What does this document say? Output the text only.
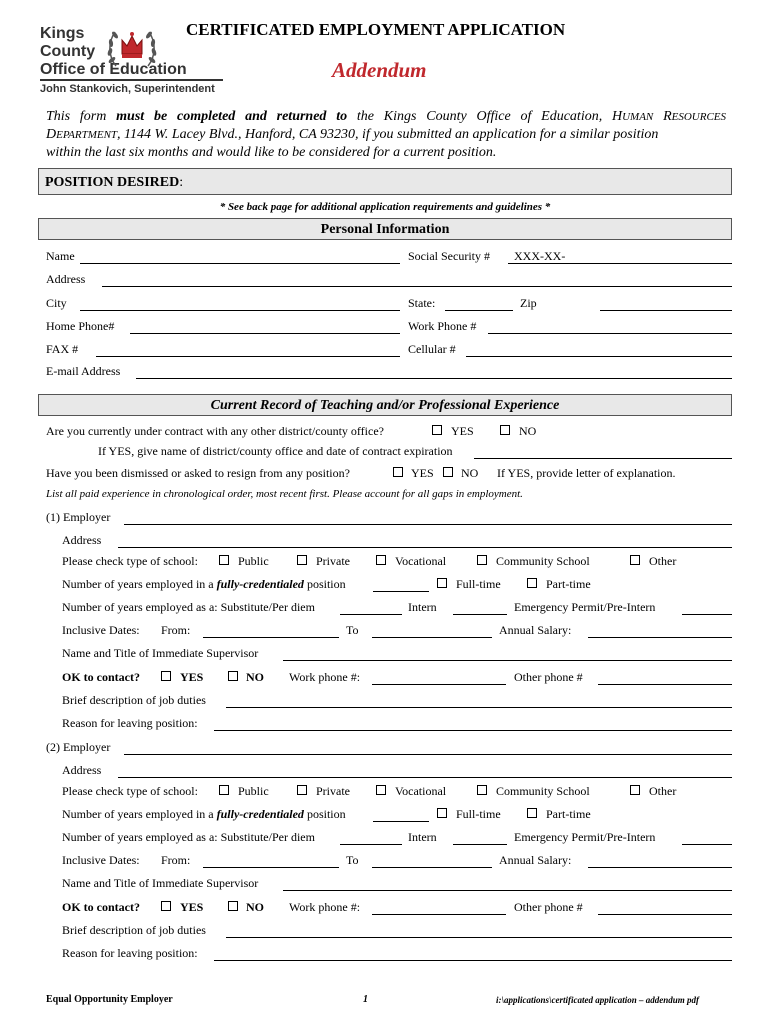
Kings
County
Office of Education
John Stankovich, Superintendent
CERTIFICATED EMPLOYMENT APPLICATION
Addendum
This form must be completed and returned to the Kings County Office of Education, HUMAN RESOURCES
DEPARTMENT, 1144 W. Lacey Blvd., Hanford, CA 93230, if you submitted an application for a similar position
within the last six months and would like to be considered for a current position.
POSITION DESIRED:
* See back page for additional application requirements and guidelines *
Personal Information
Name	Social Security # XXX-XX-
Address
City	State:	Zip
Home Phone#	Work Phone #
FAX #	Cellular #
E-mail Address
Current Record of Teaching and/or Professional Experience
Are you currently under contract with any other district/county office?	YES	NO
If YES, give name of district/county office and date of contract expiration
Have you been dismissed or asked to resign from any position?	YES NO If YES, provide letter of explanation.
List all paid experience in chronological order, most recent first. Please account for all gaps in employment.
(1) Employer
Address
Please check type of school:	Public	Private	Vocational	Community School	Other
Number of years employed in a fully-credentialed position	Full-time	Part-time
Number of years employed as a: Substitute/Per diem	Intern	Emergency Permit/Pre-Intern
Inclusive Dates: From:	To	Annual Salary:
Name and Title of Immediate Supervisor
OK to contact?	YES	NO Work phone #:	Other phone #
Brief description of job duties
Reason for leaving position:
(2) Employer
Address
Please check type of school:	Public	Private	Vocational	Community School	Other
Number of years employed in a fully-credentialed position	Full-time	Part-time
Number of years employed as a: Substitute/Per diem	Intern	Emergency Permit/Pre-Intern
Inclusive Dates: From:	To	Annual Salary:
Name and Title of Immediate Supervisor
OK to contact?	YES	NO Work phone #:	Other phone #
Brief description of job duties
Reason for leaving position:
Equal Opportunity Employer	1	i:\applications\certificated application – addendum pdf
